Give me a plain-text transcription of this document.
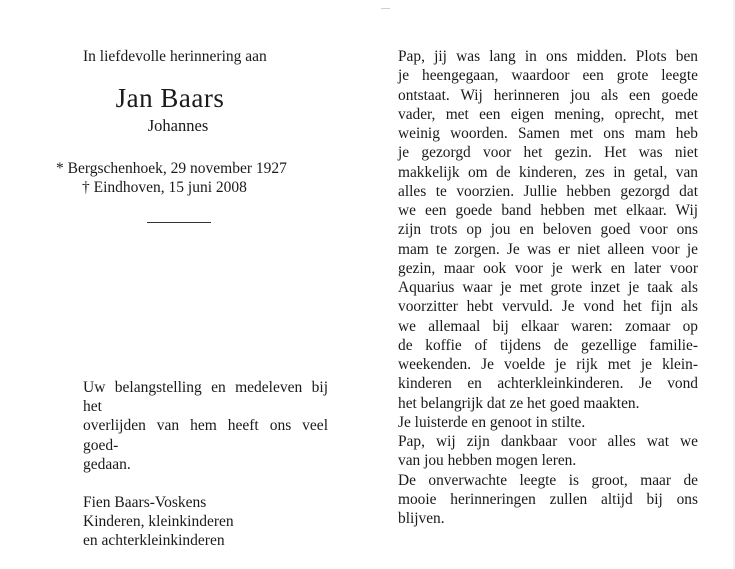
In liefdevolle herinnering aan
Jan Baars
Johannes
* Bergschenhoek, 29 november 1927
† Eindhoven, 15 juni 2008
Uw belangstelling en medeleven bij het
overlijden van hem heeft ons veel goed-
gedaan.
Fien Baars-Voskens
Kinderen, kleinkinderen
en achterkleinkinderen
Pap, jij was lang in ons midden. Plots ben
je heengegaan, waardoor een grote leegte
ontstaat. Wij herinneren jou als een goede
vader, met een eigen mening, oprecht, met
weinig woorden. Samen met ons mam heb
je gezorgd voor het gezin. Het was niet
makkelijk om de kinderen, zes in getal, van
alles te voorzien. Jullie hebben gezorgd dat
we een goede band hebben met elkaar. Wij
zijn trots op jou en beloven goed voor ons
mam te zorgen. Je was er niet alleen voor je
gezin, maar ook voor je werk en later voor
Aquarius waar je met grote inzet je taak als
voorzitter hebt vervuld. Je vond het fijn als
we allemaal bij elkaar waren: zomaar op
de koffie of tijdens de gezellige familie-
weekenden. Je voelde je rijk met je klein-
kinderen en achterkleinkinderen. Je vond
het belangrijk dat ze het goed maakten.
Je luisterde en genoot in stilte.
Pap, wij zijn dankbaar voor alles wat we
van jou hebben mogen leren.
De onverwachte leegte is groot, maar de
mooie herinneringen zullen altijd bij ons
blijven.
